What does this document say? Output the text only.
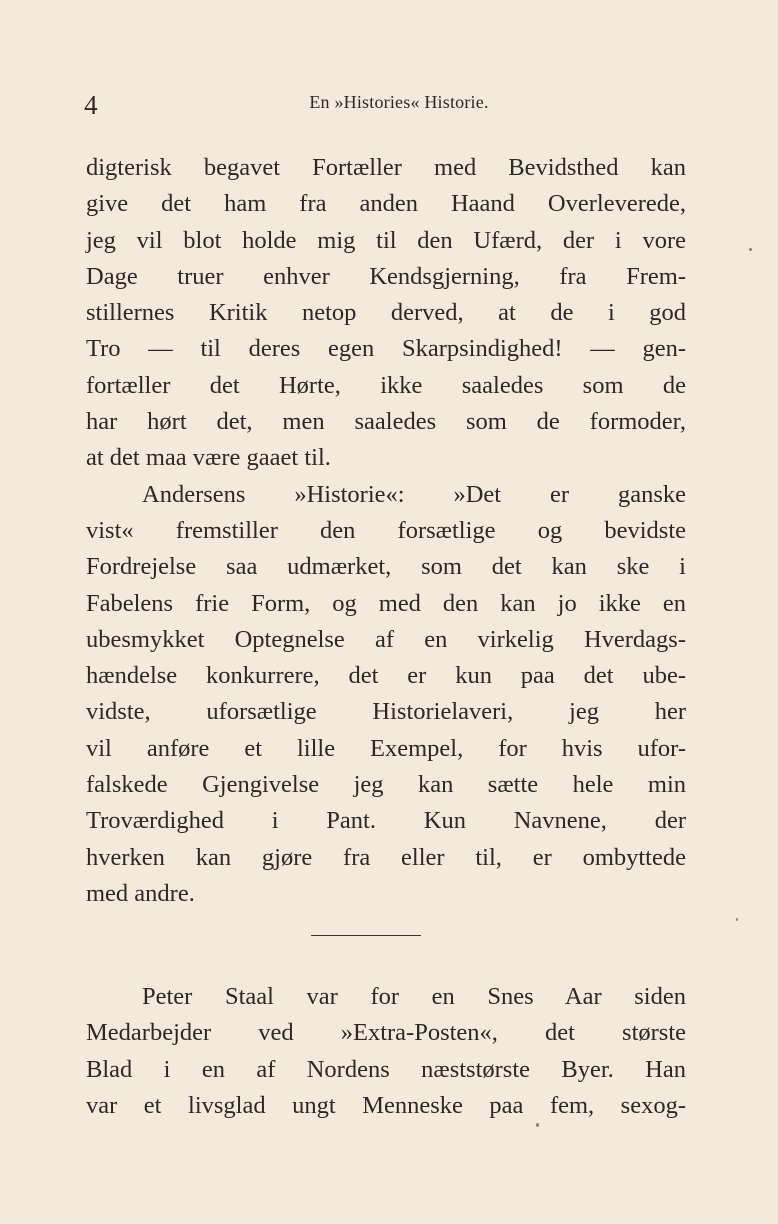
4	En »Histories« Historie.
digterisk begavet Fortæller med Bevidsthed kan
give det ham fra anden Haand Overleverede,
jeg vil blot holde mig til den Ufærd, der i vore
Dage truer enhver Kendsgjerning, fra Frem-
stillernes Kritik netop derved, at de i god
Tro — til deres egen Skarpsindighed! — gen-
fortæller det Hørte, ikke saaledes som de
har hørt det, men saaledes som de formoder,
at det maa være gaaet til.
Andersens »Historie«: »Det er ganske
vist« fremstiller den forsætlige og bevidste
Fordrejelse saa udmærket, som det kan ske i
Fabelens frie Form, og med den kan jo ikke en
ubesmykket Optegnelse af en virkelig Hverdags-
hændelse konkurrere, det er kun paa det ube-
vidste, uforsætlige Historielaveri, jeg her
vil anføre et lille Exempel, for hvis ufor-
falskede Gjengivelse jeg kan sætte hele min
Troværdighed i Pant. Kun Navnene, der
hverken kan gjøre fra eller til, er ombyttede
med andre.
Peter Staal var for en Snes Aar siden
Medarbejder ved »Extra-Posten«, det største
Blad i en af Nordens næststørste Byer. Han
var et livsglad ungt Menneske paa fem, sexog-
